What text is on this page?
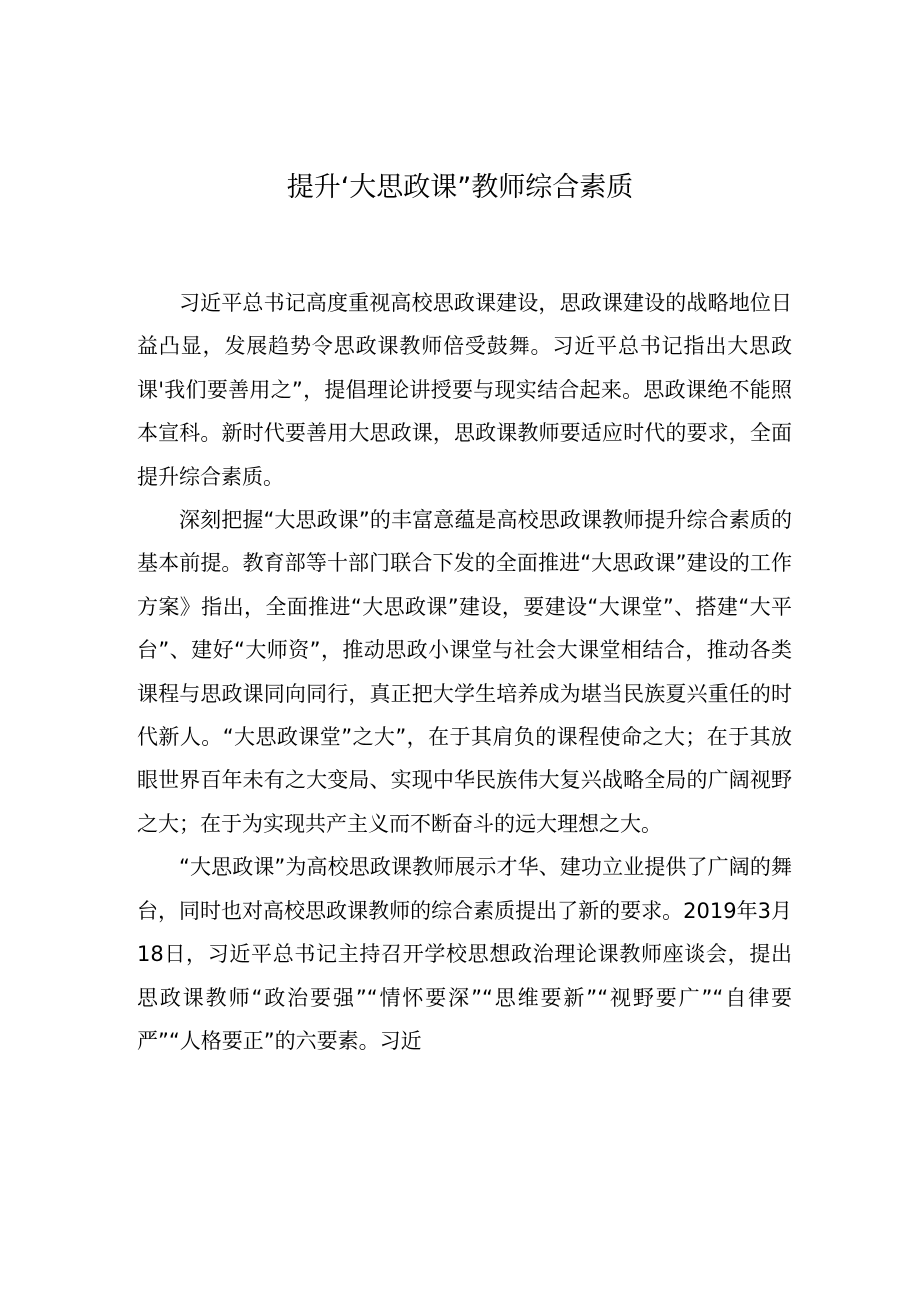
提升‘大思政课”教师综合素质

习近平总书记高度重视高校思政课建设，思政课建设的战略地位日益凸显，发展趋势令思政课教师倍受鼓舞。习近平总书记指出大思政课'我们要善用之”，提倡理论讲授要与现实结合起来。思政课绝不能照本宣科。新时代要善用大思政课，思政课教师要适应时代的要求，全面提升综合素质。

深刻把握“大思政课”的丰富意蕴是高校思政课教师提升综合素质的基本前提。教育部等十部门联合下发的全面推进“大思政课”建设的工作方案》指出，全面推进“大思政课”建设，要建设“大课堂”、搭建“大平台”、建好“大师资”，推动思政小课堂与社会大课堂相结合，推动各类课程与思政课同向同行，真正把大学生培养成为堪当民族夏兴重任的时代新人。“大思政课堂”之大”，在于其肩负的课程使命之大；在于其放眼世界百年未有之大变局、实现中华民族伟大复兴战略全局的广阔视野之大；在于为实现共产主义而不断奋斗的远大理想之大。

“大思政课”为高校思政课教师展示才华、建功立业提供了广阔的舞台，同时也对高校思政课教师的综合素质提出了新的要求。2019年3月18日，习近平总书记主持召开学校思想政治理论课教师座谈会，提出思政课教师“政治要强”“情怀要深”“思维要新”“视野要广”“自律要严”“人格要正”的六要素。习近
